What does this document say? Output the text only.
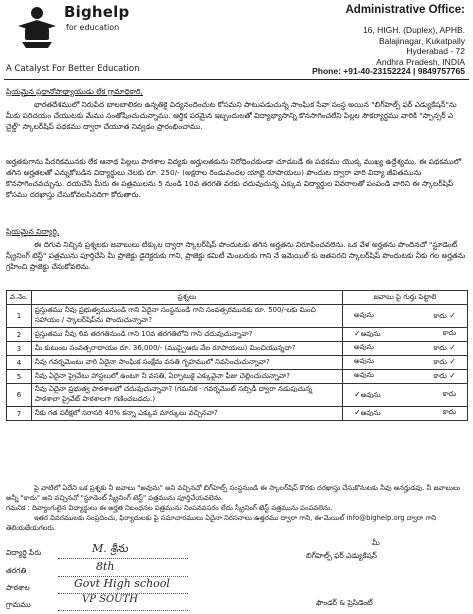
Bighelp
for education
A Catalyst For Better Education
Administrative Office:
16, HIGH. (Duplex), APHB.
Balajinagar, Kukatpally
Hyderabad - 72
Andhra Pradesh, INDIA
Phone: +91-40-23152224 | 9849757765
ప్రియమైన ప్రధానోపాధ్యాయుడు లేక గ్రామాధికారి,
భారతదేశములో నిరుపేద బాలబాలికల ఉన్నతికై విద్యనందించుట కోసమని పాటుపడుచున్న సాంఘిక సేవా సంస్థ అయిన "బిగ్‌హెల్ప్ ఫర్ ఎడ్యుకేషన్"ను మీకు పరిచయం చేయుటకు మేము సంతోషించుచున్నాము. ఆర్థిక పరమైన ఇబ్బందులతో విద్యాభ్యాసాన్ని కొనసాగించలేని పిల్లల సౌకర్యార్థము వారికి "స్పాన్సర్ ఎ చైల్డ్" స్కాలర్‌షిప్ పథకము ద్వారా చేయూత నివ్వడం ప్రారంభించాము.
అర్హతకుగాను పేదరికమునకు లేక ఆనాథ పిల్లలు పాఠశాల విద్యకు అర్హులతకును నిరోధించకుండా చూడబడే ఈ పథకము యొక్క ముఖ్య ఉద్దేశ్యము. ఈ పథకములో తగిన అర్హతలతో ఎన్నుకోబడిన విద్యార్థులు నెలకు రూ. 250/- (అక్షరాల రెండువందల యాభై రూపాయలు) పొందుట ద్వారా వారి విద్యా జీవితమును కొనసాగించవచ్చును. దయచేసి మీరు ఈ పత్రములను 5 నుండి 10వ తరగతి వరకు చదువుచున్న ఎక్కువ విద్యార్థుల వివరాలతో పంపండి వారిని ఈ స్కాలర్‌షిప్ కోసము దరఖాస్తు చేసుకోవలసినదిగా కోరుతారు.
ప్రియమైన విద్యార్థి,
ఈ దిగువ నిచ్చిన ప్రశ్నలకు జవాబులు టిక్కుల ద్వారా స్కాలర్‌షిప్ పొందుటకు తగిన అర్హతను నిరూపించవలెను. ఒక వేళ అర్హతను పొందినచో "స్టూడెంట్ స్క్రీనింగ్ టెస్ట్" పత్రమును పూర్తిచేసి మీ ప్రాజెక్టు డైరెక్టరుకు గాని, ప్రాజెక్టు కమిటీ మెంబరుకు గాని నే ఇమెయిల్ ‌కు జతపరచి స్కాలర్‌షిప్ పొందుటకు నీకు గల అర్హతను గ్రహించి ప్రాజెక్టు చేసుకోవలెను.
వ.నెం.	ప్రశ్నలు	జవాబు పై గుర్తు పెట్టాలి
1	ప్రస్తుతము నీవు ప్రభుత్వమునుండి గాని ఏదైనా సంస్థనుండి గాని సంవత్సరమునకు రూ. 500/-లకు మించి సహాయం / స్కాలర్‌షిప్‌ను పొందుచున్నావా?	అవును కాదు ✓

2	ప్రస్తుతము నీవు 6వ తరగతినుండి గాని 10వ తరగతిలోని గాని చదువుచున్నావా?	✓అవును కాదు

3	మీ కుటుంబ సంవత్సరాదాయం రూ. 36,000/- (ముప్పైఆరు వేల రూపాయలు) మించియున్నదా?	అవును కాదు ✓

4	నీవు గవర్నమెంటు వారి ఏదైనా సాంఘిక సంక్షేమ వసతి గృహములో నివసించుచున్నావా?	అవును కాదు ✓

5	నీవు ఏదైనా ప్రైవేటు హాస్టలులో ఉంటూ నీ వసతి, ఏర్పాటుకై ఎక్కువైనా ఫీజు చెల్లించుచున్నావా?	అవును కాదు ✓

6	నీవు ఏదైనా ప్రభుత్వ పాఠశాలలో చదువుచున్నావా? (గమనిక - గవర్నమెంట్ సబ్సిడీ ద్వారా నడుపుచున్న పాఠశాలా ప్రైవేట్ పాఠశాలగా గణించబడదు.)	✓అవును కాదు

7	నీకు గత పరీక్షలో సరాసరి 40% కన్నా ఎక్కువ మార్కులు వచ్చినవా?	✓అవును కాదు
పై వాటిలో ఏదేని ఒక ప్రశ్నకు నీ జవాబు "అవును" అని వచ్చినచో బిగ్‌హెల్ప్ సంస్థనుండి ఈ స్కాలర్‌షిప్ కొరకు దరఖాస్తు చేసుకొనుటకు నీవు అనర్హుడవు. నీ జవాబులు అన్నీ "కాదు" అని వచ్చినచో "స్టూడెంట్ స్క్రీనింగ్ టెస్ట్" పత్రమును పూర్తిచేయవలెను.
గమనిక : దివ్యాంగులైన విద్యార్థులు ఈ అర్హత నిబంధనల పత్రమును నింపనవసరం లేదు స్క్రీనింగ్ టెస్ట్ పత్రమును పంపవలెను.
ఇతర వివరములకు సంప్రదించు, ఫిర్యాదులకు పై సమాచారములు ఏదైనా నిరసనాలు ఉత్తరము ద్వారా గాని, ఈ-మెయిల్ info@bighelp.org ద్వారా గాని తెలియజేయగలరు.
విద్యార్థి పేరు	M. శ్రీను
తరగతి	8th
పాఠశాల	Govt High school
గ్రామము	VP SOUTH
మీ
బిగ్‌హెల్ప్ ఫర్ ఎడ్యుకేషన్
ఫౌండర్ & ప్రెసిడెంట్
